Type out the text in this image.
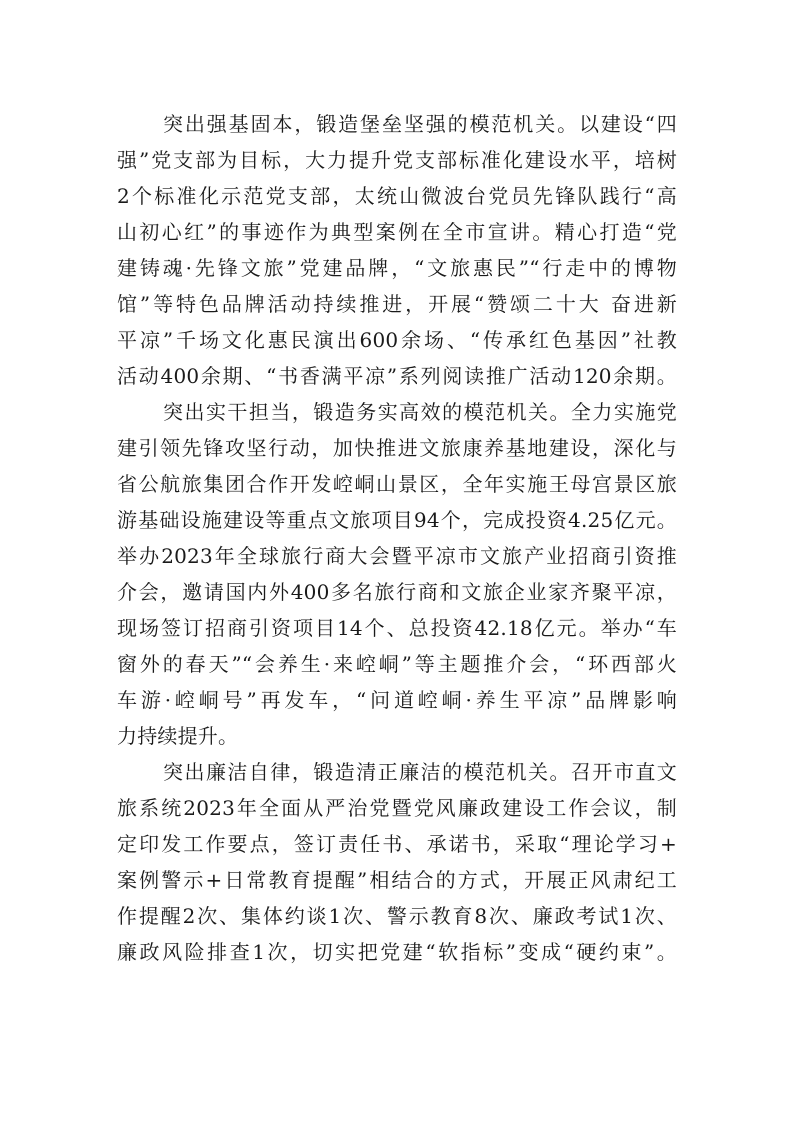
突出强基固本，锻造堡垒坚强的模范机关。以建设“四
强”党支部为目标，大力提升党支部标准化建设水平，培树
2个标准化示范党支部，太统山微波台党员先锋队践行“高
山初心红”的事迹作为典型案例在全市宣讲。精心打造“党
建铸魂·先锋文旅”党建品牌，“文旅惠民”“行走中的博物
馆”等特色品牌活动持续推进，开展“赞颂二十大 奋进新
平凉”千场文化惠民演出600余场、“传承红色基因”社教
活动400余期、“书香满平凉”系列阅读推广活动120余期。
突出实干担当，锻造务实高效的模范机关。全力实施党
建引领先锋攻坚行动，加快推进文旅康养基地建设，深化与
省公航旅集团合作开发崆峒山景区，全年实施王母宫景区旅
游基础设施建设等重点文旅项目94个，完成投资4.25亿元。
举办2023年全球旅行商大会暨平凉市文旅产业招商引资推
介会，邀请国内外400多名旅行商和文旅企业家齐聚平凉，
现场签订招商引资项目14个、总投资42.18亿元。举办“车
窗外的春天”“会养生·来崆峒”等主题推介会，“环西部火
车游·崆峒号”再发车，“问道崆峒·养生平凉”品牌影响
力持续提升。
突出廉洁自律，锻造清正廉洁的模范机关。召开市直文
旅系统2023年全面从严治党暨党风廉政建设工作会议，制
定印发工作要点，签订责任书、承诺书，采取“理论学习+
案例警示+日常教育提醒”相结合的方式，开展正风肃纪工
作提醒2次、集体约谈1次、警示教育8次、廉政考试1次、
廉政风险排查1次，切实把党建“软指标”变成“硬约束”。
